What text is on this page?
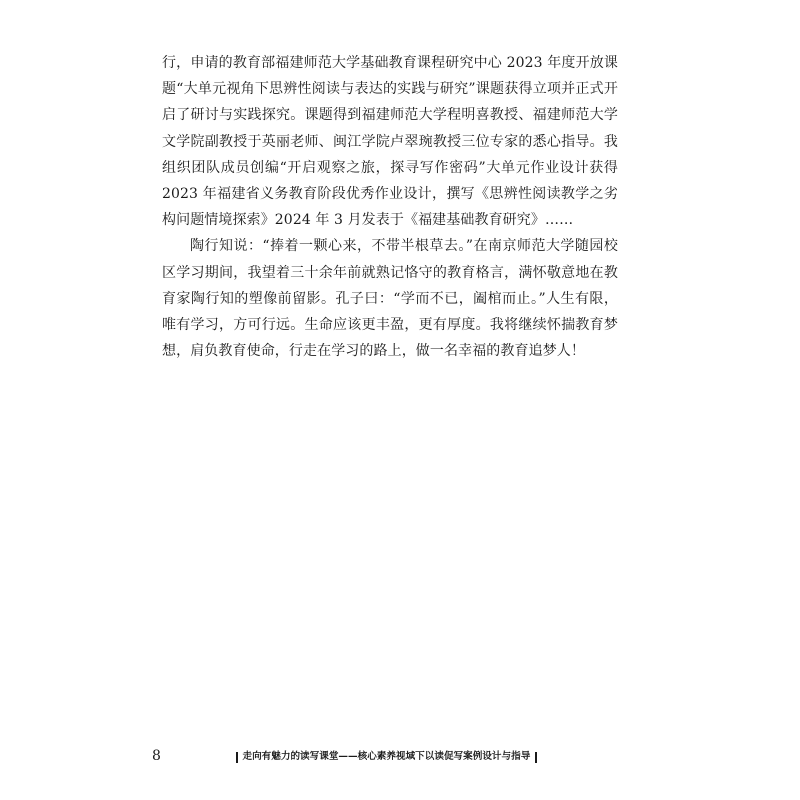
行，申请的教育部福建师范大学基础教育课程研究中心 2023 年度开放课题“大单元视角下思辨性阅读与表达的实践与研究”课题获得立项并正式开启了研讨与实践探究。课题得到福建师范大学程明喜教授、福建师范大学文学院副教授于英丽老师、闽江学院卢翠琬教授三位专家的悉心指导。我组织团队成员创编“开启观察之旅，探寻写作密码”大单元作业设计获得 2023 年福建省义务教育阶段优秀作业设计，撰写《思辨性阅读教学之劣构问题情境探索》2024 年 3 月发表于《福建基础教育研究》……

陶行知说：“捧着一颗心来，不带半根草去。”在南京师范大学随园校区学习期间，我望着三十余年前就熟记恪守的教育格言，满怀敬意地在教育家陶行知的塑像前留影。孔子曰：“学而不已，阖棺而止。”人生有限，唯有学习，方可行远。生命应该更丰盈，更有厚度。我将继续怀揣教育梦想，肩负教育使命，行走在学习的路上，做一名幸福的教育追梦人！

8	走向有魅力的读写课堂——核心素养视域下以读促写案例设计与指导
